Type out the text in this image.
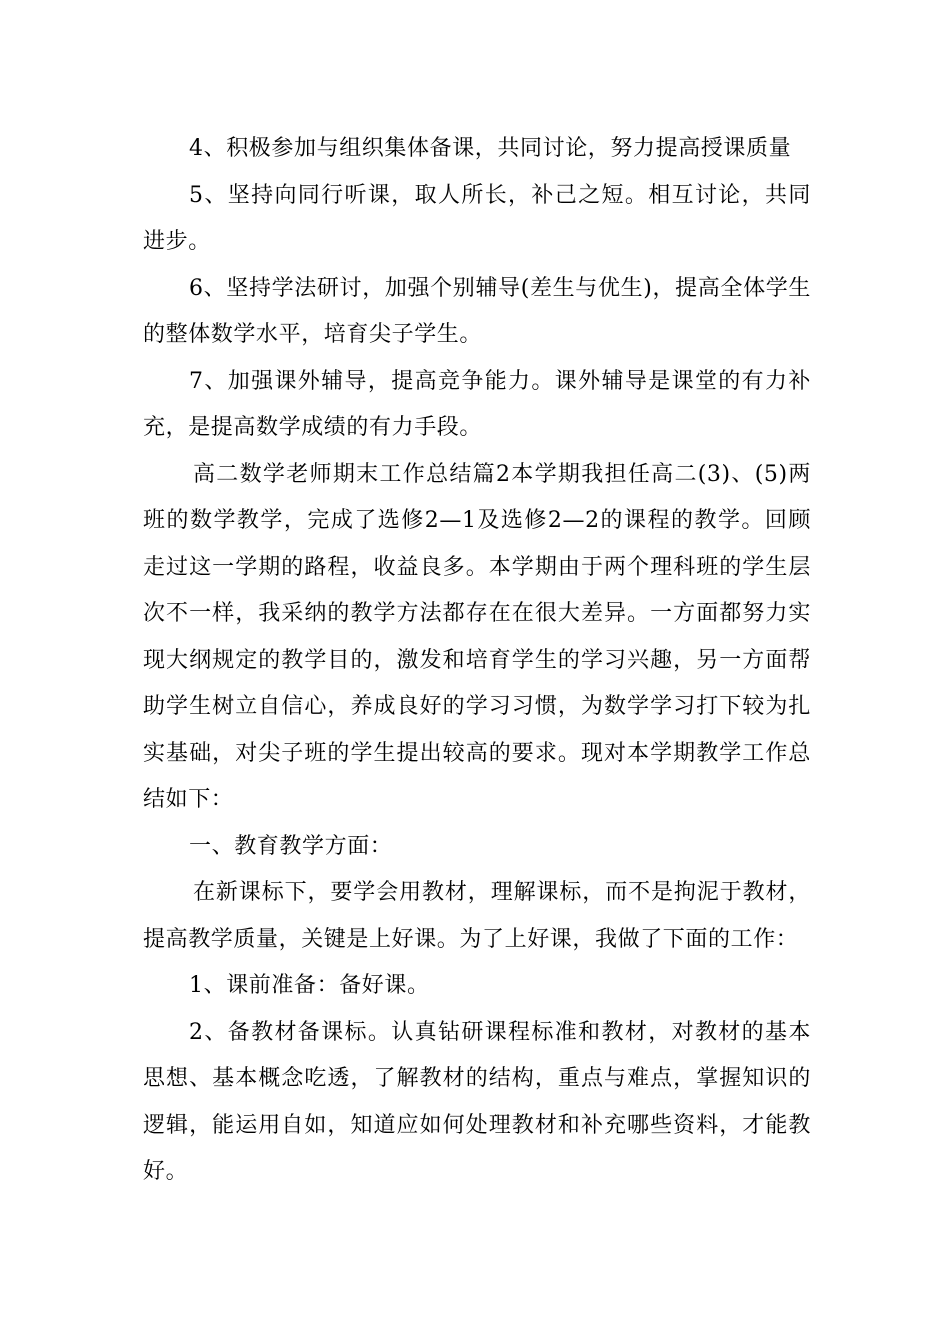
4、积极参加与组织集体备课，共同讨论，努力提高授课质量

5、坚持向同行听课，取人所长，补己之短。相互讨论，共同进步。

6、坚持学法研讨，加强个别辅导(差生与优生)，提高全体学生的整体数学水平，培育尖子学生。

7、加强课外辅导，提高竞争能力。课外辅导是课堂的有力补充，是提高数学成绩的有力手段。

高二数学老师期末工作总结篇2本学期我担任高二(3)、(5)两班的数学教学，完成了选修2—1及选修2—2的课程的教学。回顾走过这一学期的路程，收益良多。本学期由于两个理科班的学生层次不一样，我采纳的教学方法都存在在很大差异。一方面都努力实现大纲规定的教学目的，激发和培育学生的学习兴趣，另一方面帮助学生树立自信心，养成良好的学习习惯，为数学学习打下较为扎实基础，对尖子班的学生提出较高的要求。现对本学期教学工作总结如下：

一、教育教学方面：

在新课标下，要学会用教材，理解课标，而不是拘泥于教材，提高教学质量，关键是上好课。为了上好课，我做了下面的工作：

1、课前准备：备好课。

2、备教材备课标。认真钻研课程标准和教材，对教材的基本思想、基本概念吃透，了解教材的结构，重点与难点，掌握知识的逻辑，能运用自如，知道应如何处理教材和补充哪些资料，才能教好。
